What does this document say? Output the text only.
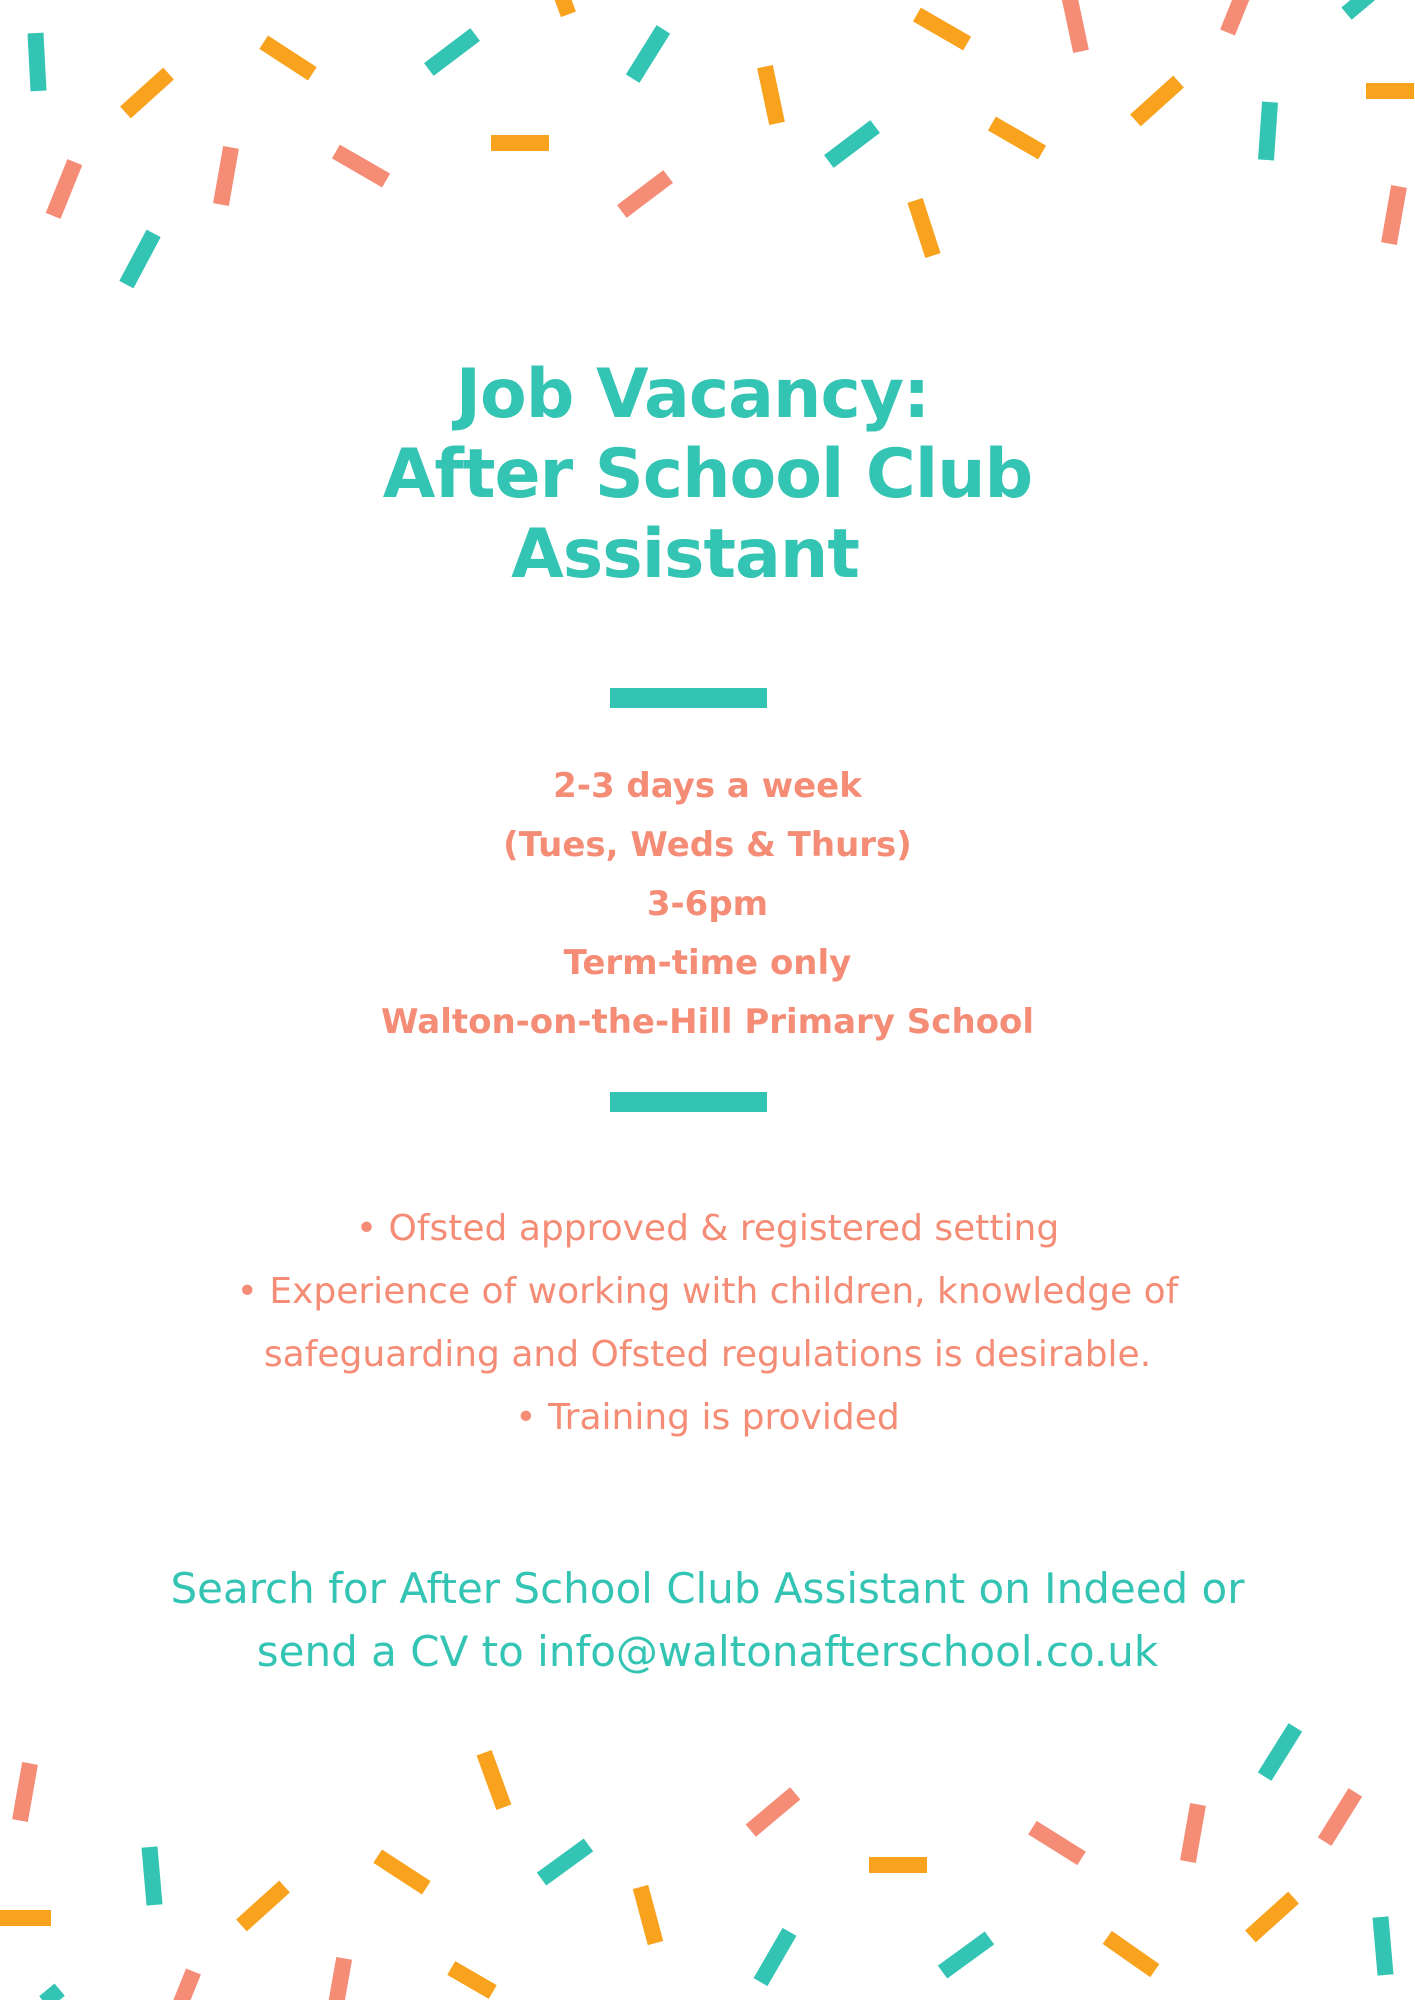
Job Vacancy:
After School Club
Assistant
2-3 days a week
(Tues, Weds & Thurs)
3-6pm
Term-time only
Walton-on-the-Hill Primary School
• Ofsted approved & registered setting
• Experience of working with children, knowledge of
safeguarding and Ofsted regulations is desirable.
• Training is provided
Search for After School Club Assistant on Indeed or
send a CV to info@waltonafterschool.co.uk
